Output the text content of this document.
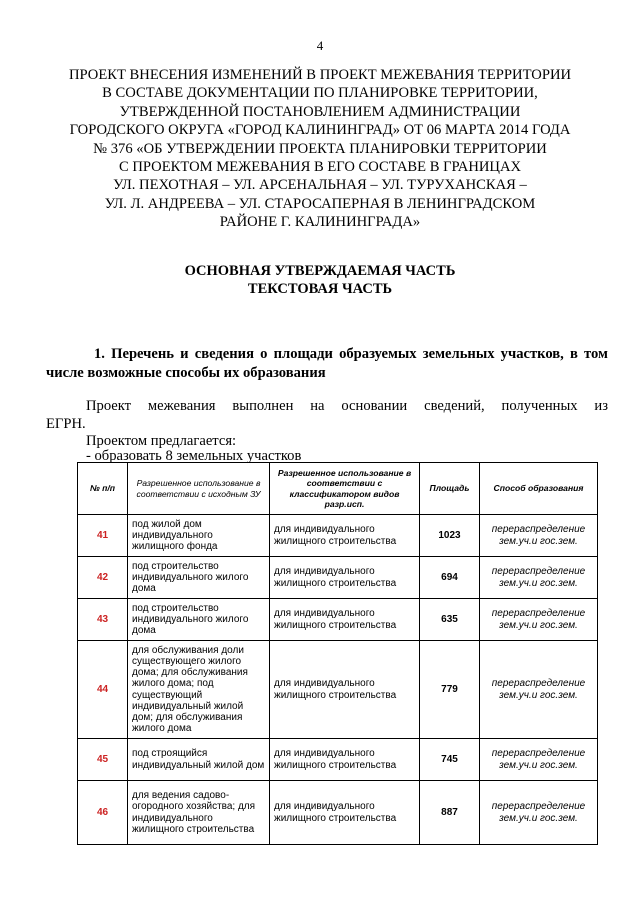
4
ПРОЕКТ ВНЕСЕНИЯ ИЗМЕНЕНИЙ В ПРОЕКТ МЕЖЕВАНИЯ ТЕРРИТОРИИ
В СОСТАВЕ ДОКУМЕНТАЦИИ ПО ПЛАНИРОВКЕ ТЕРРИТОРИИ,
УТВЕРЖДЕННОЙ ПОСТАНОВЛЕНИЕМ АДМИНИСТРАЦИИ
ГОРОДСКОГО ОКРУГА «ГОРОД КАЛИНИНГРАД» ОТ 06 МАРТА 2014 ГОДА
№ 376 «ОБ УТВЕРЖДЕНИИ ПРОЕКТА ПЛАНИРОВКИ ТЕРРИТОРИИ
С ПРОЕКТОМ МЕЖЕВАНИЯ В ЕГО СОСТАВЕ В ГРАНИЦАХ
УЛ. ПЕХОТНАЯ – УЛ. АРСЕНАЛЬНАЯ – УЛ. ТУРУХАНСКАЯ –
УЛ. Л. АНДРЕЕВА – УЛ. СТАРОСАПЕРНАЯ В ЛЕНИНГРАДСКОМ
РАЙОНЕ Г. КАЛИНИНГРАДА»
ОСНОВНАЯ УТВЕРЖДАЕМАЯ ЧАСТЬ
ТЕКСТОВАЯ ЧАСТЬ
1. Перечень и сведения о площади образуемых земельных участков, в том
числе возможные способы их образования
Проект межевания выполнен на основании сведений, полученных из
ЕГРН.
Проектом предлагается:
- образовать 8 земельных участков
№ п/п	Разрешенное использование в соответствии с исходным ЗУ	Разрешенное использование в соответствии с классификатором видов разр.исп.	Площадь	Способ образования
41	под жилой дом индивидуального жилищного фонда	для индивидуального жилищного строительства	1023	перераспределение зем.уч.и гос.зем.
42	под строительство индивидуального жилого дома	для индивидуального жилищного строительства	694	перераспределение зем.уч.и гос.зем.
43	под строительство индивидуального жилого дома	для индивидуального жилищного строительства	635	перераспределение зем.уч.и гос.зем.
44	для обслуживания доли существующего жилого дома; для обслуживания жилого дома; под существующий индивидуальный жилой дом; для обслуживания жилого дома	для индивидуального жилищного строительства	779	перераспределение зем.уч.и гос.зем.
45	под строящийся индивидуальный жилой дом	для индивидуального жилищного строительства	745	перераспределение зем.уч.и гос.зем.
46	для ведения садово-огородного хозяйства; для индивидуального жилищного строительства	для индивидуального жилищного строительства	887	перераспределение зем.уч.и гос.зем.
